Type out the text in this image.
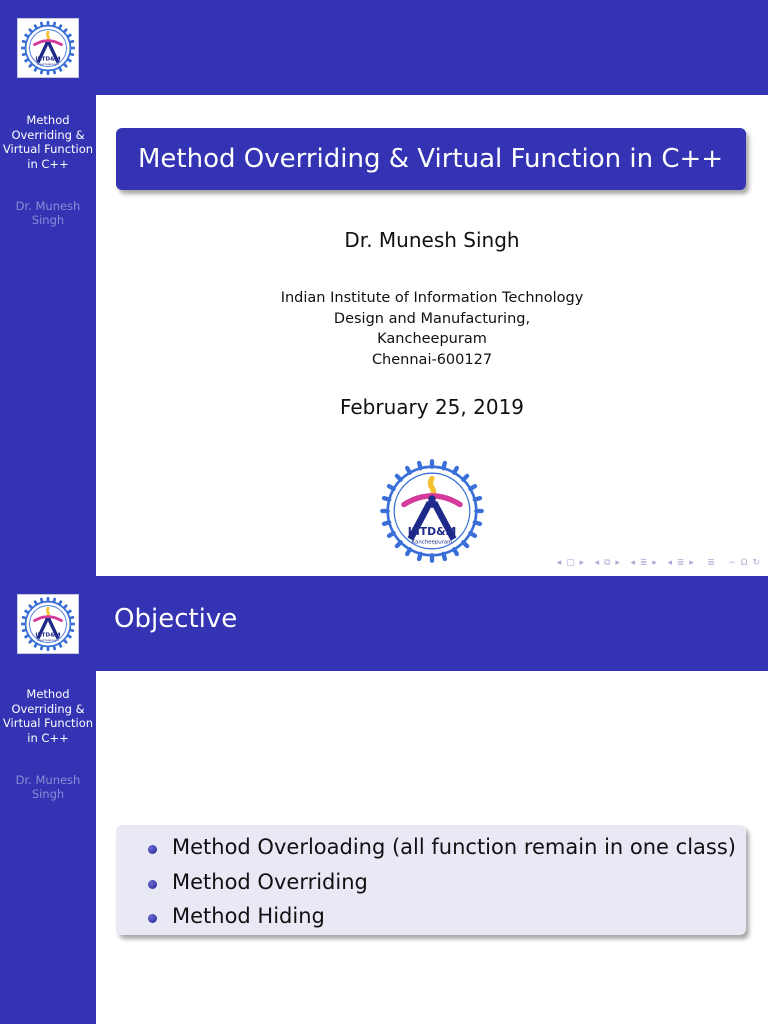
IIITD&M
Kancheepuram
Method Overriding & Virtual Function in C++
Dr. Munesh Singh
Method Overriding & Virtual Function in C++
Dr. Munesh Singh
Indian Institute of Information Technology
Design and Manufacturing,
Kancheepuram
Chennai-600127
February 25, 2019
IIITD&M
Kancheepuram
◂ ▢ ▸ ◂ ⧉ ▸ ◂ ≣ ▸ ◂ ≣ ▸ ≣ ∽ Ω ↻
IIITD&M
Kancheepuram
Method Overriding & Virtual Function in C++
Dr. Munesh Singh
Objective
Method Overloading (all function remain in one class)
Method Overriding
Method Hiding
